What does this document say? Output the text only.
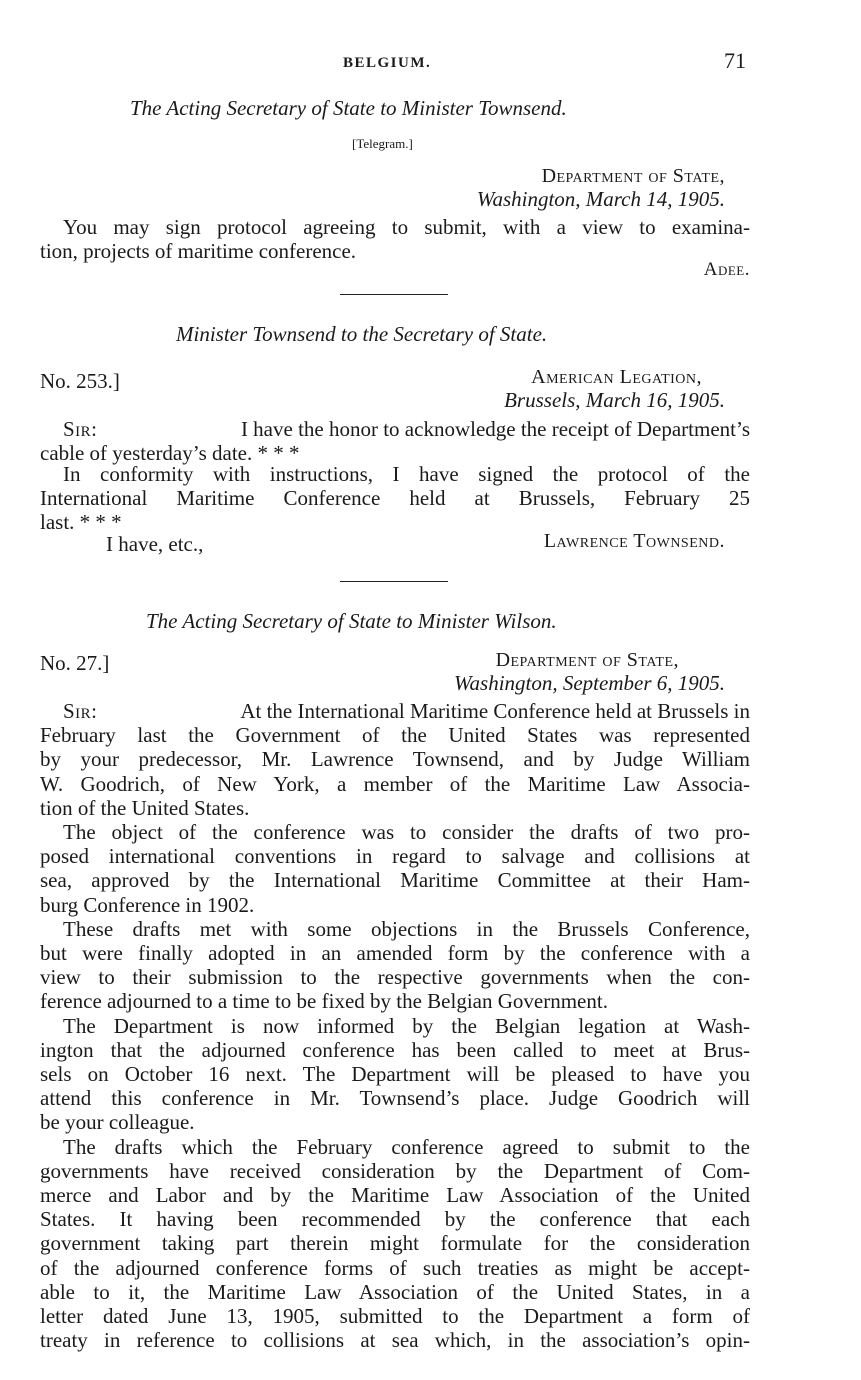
BELGIUM.	71
The Acting Secretary of State to Minister Townsend.
[Telegram.]
Department of State,
Washington, March 14, 1905.
You may sign protocol agreeing to submit, with a view to examina-
tion, projects of maritime conference.
Adee.
Minister Townsend to the Secretary of State.
No. 253.]	American Legation,
Brussels, March 16, 1905.
Sir:	I have the honor to acknowledge the receipt of Department’s
cable of yesterday’s date. * * *
In conformity with instructions, I have signed the protocol of the
International Maritime Conference held at Brussels, February 25
last. * * *
I have, etc.,	Lawrence Townsend.
The Acting Secretary of State to Minister Wilson.
No. 27.]	Department of State,
Washington, September 6, 1905.
Sir:	At the International Maritime Conference held at Brussels in
February last the Government of the United States was represented
by your predecessor, Mr. Lawrence Townsend, and by Judge William
W. Goodrich, of New York, a member of the Maritime Law Associa-
tion of the United States.
The object of the conference was to consider the drafts of two pro-
posed international conventions in regard to salvage and collisions at
sea, approved by the International Maritime Committee at their Ham-
burg Conference in 1902.
These drafts met with some objections in the Brussels Conference,
but were finally adopted in an amended form by the conference with a
view to their submission to the respective governments when the con-
ference adjourned to a time to be fixed by the Belgian Government.
The Department is now informed by the Belgian legation at Wash-
ington that the adjourned conference has been called to meet at Brus-
sels on October 16 next. The Department will be pleased to have you
attend this conference in Mr. Townsend’s place. Judge Goodrich will
be your colleague.
The drafts which the February conference agreed to submit to the
governments have received consideration by the Department of Com-
merce and Labor and by the Maritime Law Association of the United
States. It having been recommended by the conference that each
government taking part therein might formulate for the consideration
of the adjourned conference forms of such treaties as might be accept-
able to it, the Maritime Law Association of the United States, in a
letter dated June 13, 1905, submitted to the Department a form of
treaty in reference to collisions at sea which, in the association’s opin-
